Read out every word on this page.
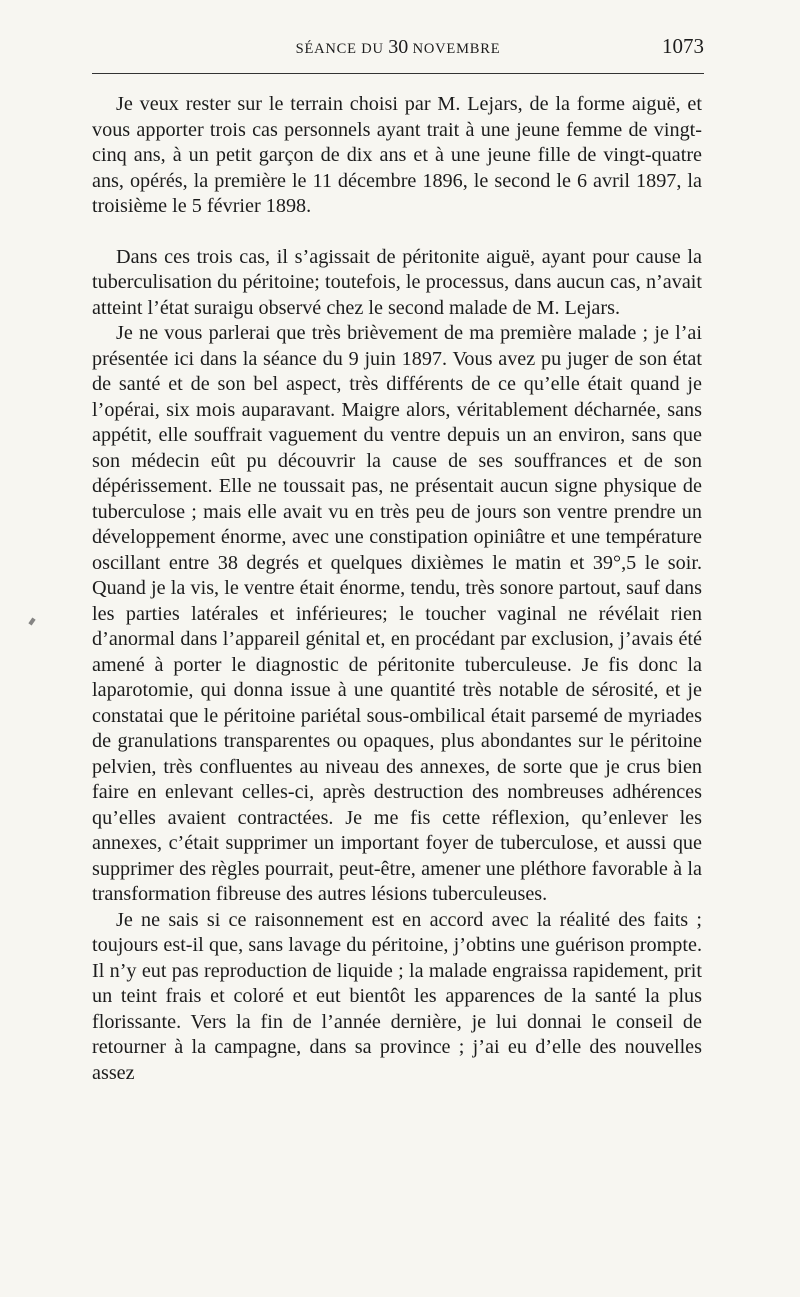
SÉANCE DU 30 NOVEMBRE	1073

Je veux rester sur le terrain choisi par M. Lejars, de la forme aiguë, et vous apporter trois cas personnels ayant trait à une jeune femme de vingt-cinq ans, à un petit garçon de dix ans et à une jeune fille de vingt-quatre ans, opérés, la première le 11 décembre 1896, le second le 6 avril 1897, la troisième le 5 février 1898.

Dans ces trois cas, il s’agissait de péritonite aiguë, ayant pour cause la tuberculisation du péritoine; toutefois, le processus, dans aucun cas, n’avait atteint l’état suraigu observé chez le second malade de M. Lejars.

Je ne vous parlerai que très brièvement de ma première malade ; je l’ai présentée ici dans la séance du 9 juin 1897. Vous avez pu juger de son état de santé et de son bel aspect, très différents de ce qu’elle était quand je l’opérai, six mois auparavant. Maigre alors, véritablement décharnée, sans appétit, elle souffrait vaguement du ventre depuis un an environ, sans que son médecin eût pu découvrir la cause de ses souffrances et de son dépérissement. Elle ne toussait pas, ne présentait aucun signe physique de tuberculose ; mais elle avait vu en très peu de jours son ventre prendre un développement énorme, avec une constipation opiniâtre et une température oscillant entre 38 degrés et quelques dixièmes le matin et 39°,5 le soir. Quand je la vis, le ventre était énorme, tendu, très sonore partout, sauf dans les parties latérales et inférieures; le toucher vaginal ne révélait rien d’anormal dans l’appareil génital et, en procédant par exclusion, j’avais été amené à porter le diagnostic de péritonite tuberculeuse. Je fis donc la laparotomie, qui donna issue à une quantité très notable de sérosité, et je constatai que le péritoine pariétal sous-ombilical était parsemé de myriades de granulations transparentes ou opaques, plus abondantes sur le péritoine pelvien, très confluentes au niveau des annexes, de sorte que je crus bien faire en enlevant celles-ci, après destruction des nombreuses adhérences qu’elles avaient contractées. Je me fis cette réflexion, qu’enlever les annexes, c’était supprimer un important foyer de tuberculose, et aussi que supprimer des règles pourrait, peut-être, amener une pléthore favorable à la transformation fibreuse des autres lésions tuberculeuses.

Je ne sais si ce raisonnement est en accord avec la réalité des faits ; toujours est-il que, sans lavage du péritoine, j’obtins une guérison prompte. Il n’y eut pas reproduction de liquide ; la malade engraissa rapidement, prit un teint frais et coloré et eut bientôt les apparences de la santé la plus florissante. Vers la fin de l’année dernière, je lui donnai le conseil de retourner à la campagne, dans sa province ; j’ai eu d’elle des nouvelles assez
